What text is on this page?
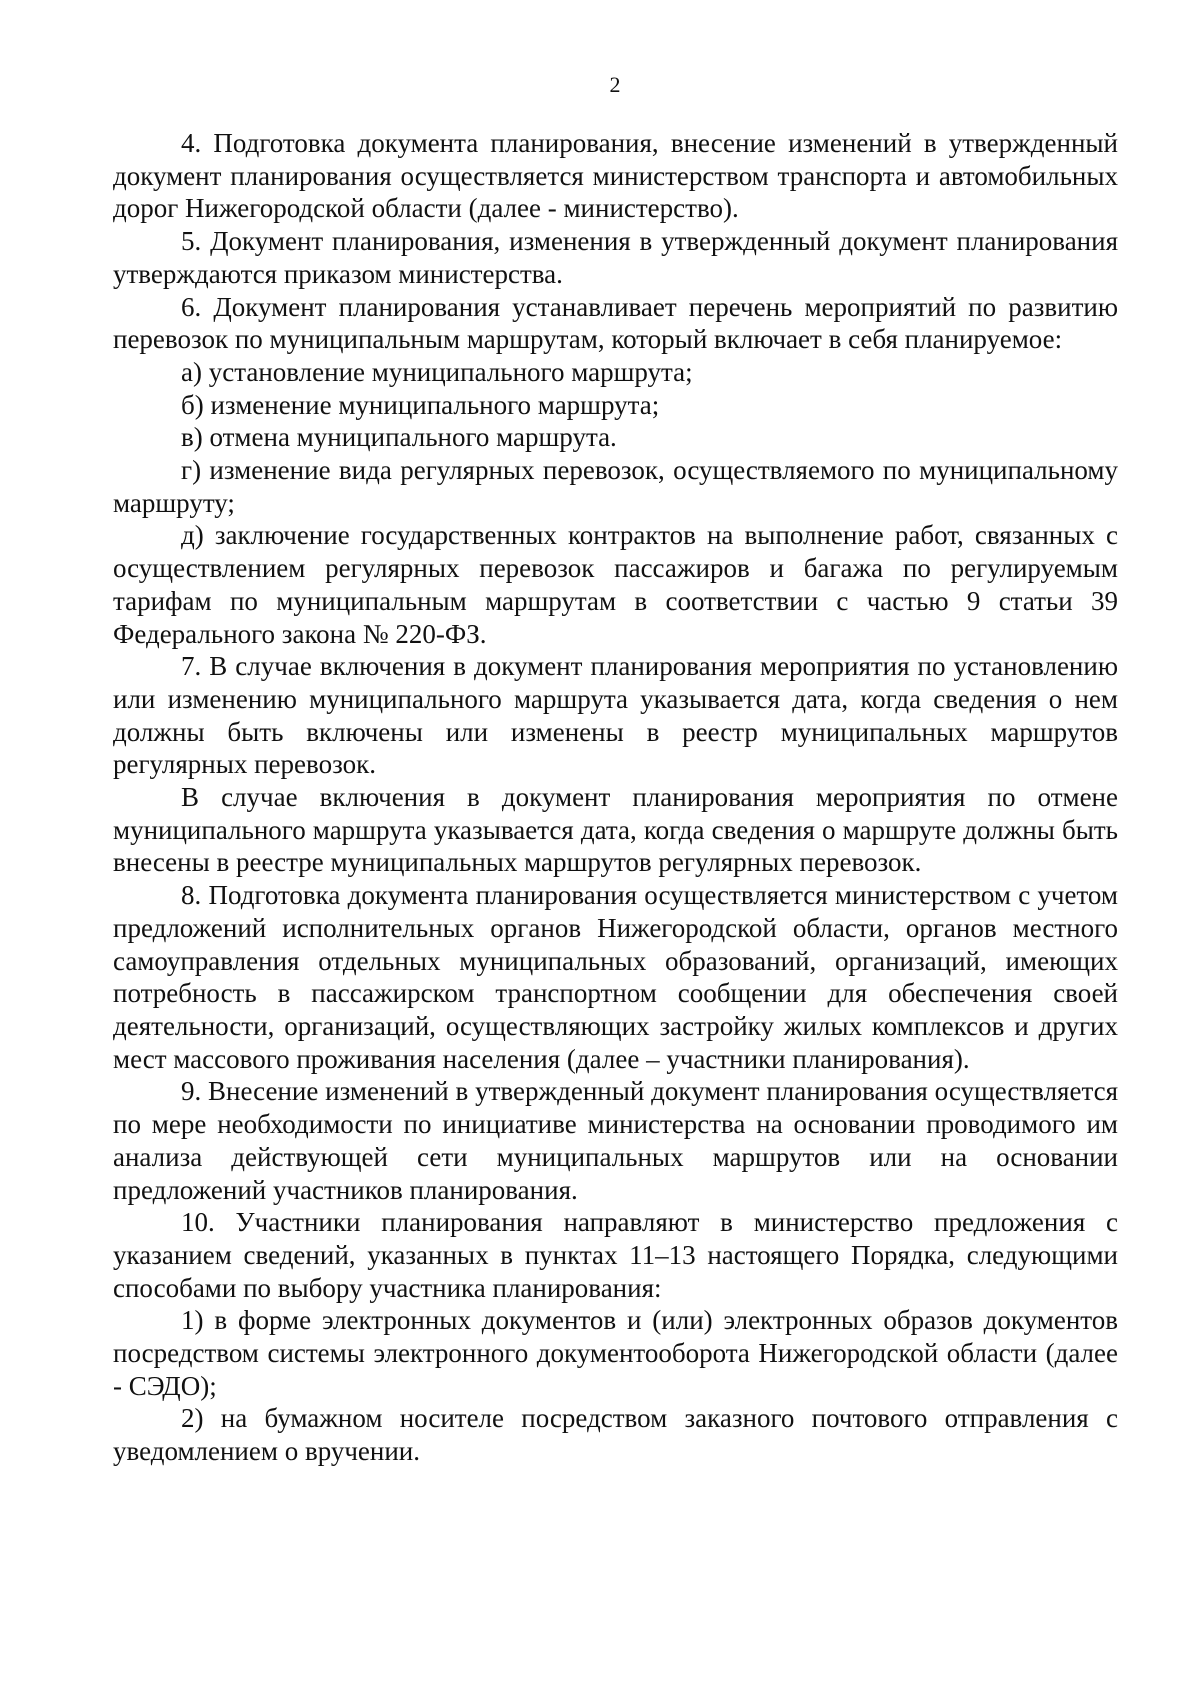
2

4. Подготовка документа планирования, внесение изменений в утвержденный документ планирования осуществляется министерством транспорта и автомобильных дорог Нижегородской области (далее - министерство).

5. Документ планирования, изменения в утвержденный документ планирования утверждаются приказом министерства.

6. Документ планирования устанавливает перечень мероприятий по развитию перевозок по муниципальным маршрутам, который включает в себя планируемое:

а) установление муниципального маршрута;

б) изменение муниципального маршрута;

в) отмена муниципального маршрута.

г) изменение вида регулярных перевозок, осуществляемого по муниципальному маршруту;

д) заключение государственных контрактов на выполнение работ, связанных с осуществлением регулярных перевозок пассажиров и багажа по регулируемым тарифам по муниципальным маршрутам в соответствии с частью 9 статьи 39 Федерального закона № 220-ФЗ.

7. В случае включения в документ планирования мероприятия по установлению или изменению муниципального маршрута указывается дата, когда сведения о нем должны быть включены или изменены в реестр муниципальных маршрутов регулярных перевозок.

В случае включения в документ планирования мероприятия по отмене муниципального маршрута указывается дата, когда сведения о маршруте должны быть внесены в реестре муниципальных маршрутов регулярных перевозок.

8. Подготовка документа планирования осуществляется министерством с учетом предложений исполнительных органов Нижегородской области, органов местного самоуправления отдельных муниципальных образований, организаций, имеющих потребность в пассажирском транспортном сообщении для обеспечения своей деятельности, организаций, осуществляющих застройку жилых комплексов и других мест массового проживания населения (далее – участники планирования).

9. Внесение изменений в утвержденный документ планирования осуществляется по мере необходимости по инициативе министерства на основании проводимого им анализа действующей сети муниципальных маршрутов или на основании предложений участников планирования.

10. Участники планирования направляют в министерство предложения с указанием сведений, указанных в пунктах 11–13 настоящего Порядка, следующими способами по выбору участника планирования:

1) в форме электронных документов и (или) электронных образов документов посредством системы электронного документооборота Нижегородской области (далее - СЭДО);

2) на бумажном носителе посредством заказного почтового отправления с уведомлением о вручении.
